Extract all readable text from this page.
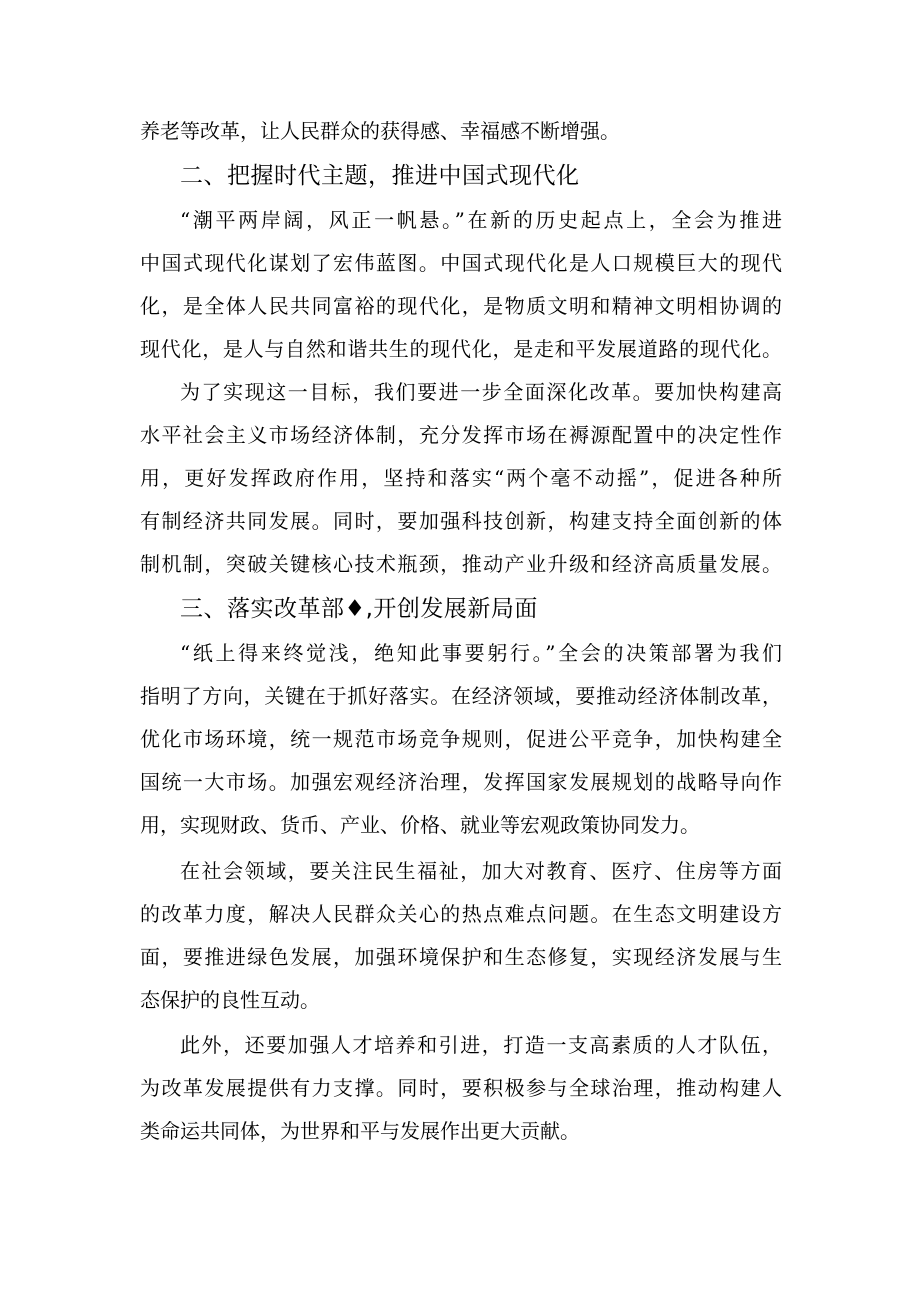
养老等改革，让人民群众的获得感、幸福感不断增强。
二、把握时代主题，推进中国式现代化
“潮平两岸阔，风正一帆悬。”在新的历史起点上，全会为推进
中国式现代化谋划了宏伟蓝图。中国式现代化是人口规模巨大的现代
化，是全体人民共同富裕的现代化，是物质文明和精神文明相协调的
现代化，是人与自然和谐共生的现代化，是走和平发展道路的现代化。
为了实现这一目标，我们要进一步全面深化改革。要加快构建高
水平社会主义市场经济体制，充分发挥市场在褥源配置中的决定性作
用，更好发挥政府作用，坚持和落实“两个毫不动摇”，促进各种所
有制经济共同发展。同时，要加强科技创新，构建支持全面创新的体
制机制，突破关键核心技术瓶颈，推动产业升级和经济高质量发展。
三、落实改革部♦,开创发展新局面
“纸上得来终觉浅，绝知此事要躬行。”全会的决策部署为我们
指明了方向，关键在于抓好落实。在经济领域，要推动经济体制改革，
优化市场环境，统一规范市场竞争规则，促进公平竞争，加快构建全
国统一大市场。加强宏观经济治理，发挥国家发展规划的战略导向作
用，实现财政、货币、产业、价格、就业等宏观政策协同发力。
在社会领域，要关注民生福祉，加大对教育、医疗、住房等方面
的改革力度，解决人民群众关心的热点难点问题。在生态文明建设方
面，要推进绿色发展，加强环境保护和生态修复，实现经济发展与生
态保护的良性互动。
此外，还要加强人才培养和引进，打造一支高素质的人才队伍，
为改革发展提供有力支撑。同时，要积极参与全球治理，推动构建人
类命运共同体，为世界和平与发展作出更大贡献。
